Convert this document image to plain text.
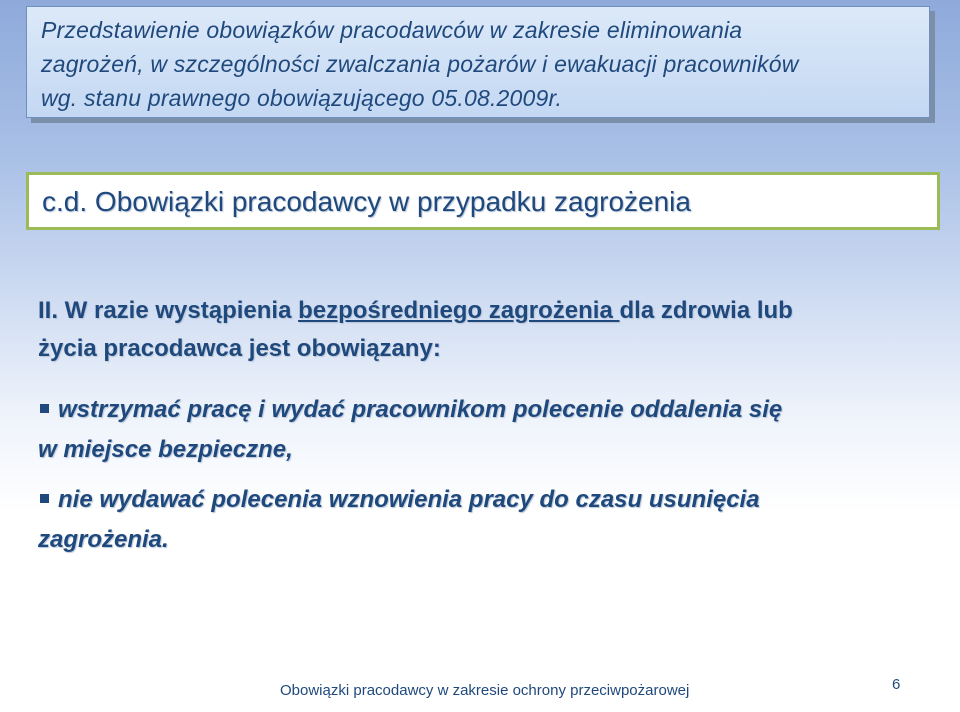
Przedstawienie obowiązków pracodawców w zakresie eliminowania
zagrożeń, w szczególności zwalczania pożarów i ewakuacji pracowników
wg. stanu prawnego obowiązującego 05.08.2009r.

c.d. Obowiązki pracodawcy w przypadku zagrożenia
II. W razie wystąpienia bezpośredniego zagrożenia dla zdrowia lub
życia pracodawca jest obowiązany:
wstrzymać pracę i wydać pracownikom polecenie oddalenia się
w miejsce bezpieczne,
nie wydawać polecenia wznowienia pracy do czasu usunięcia
zagrożenia.
Obowiązki pracodawcy w zakresie ochrony przeciwpożarowej	6
